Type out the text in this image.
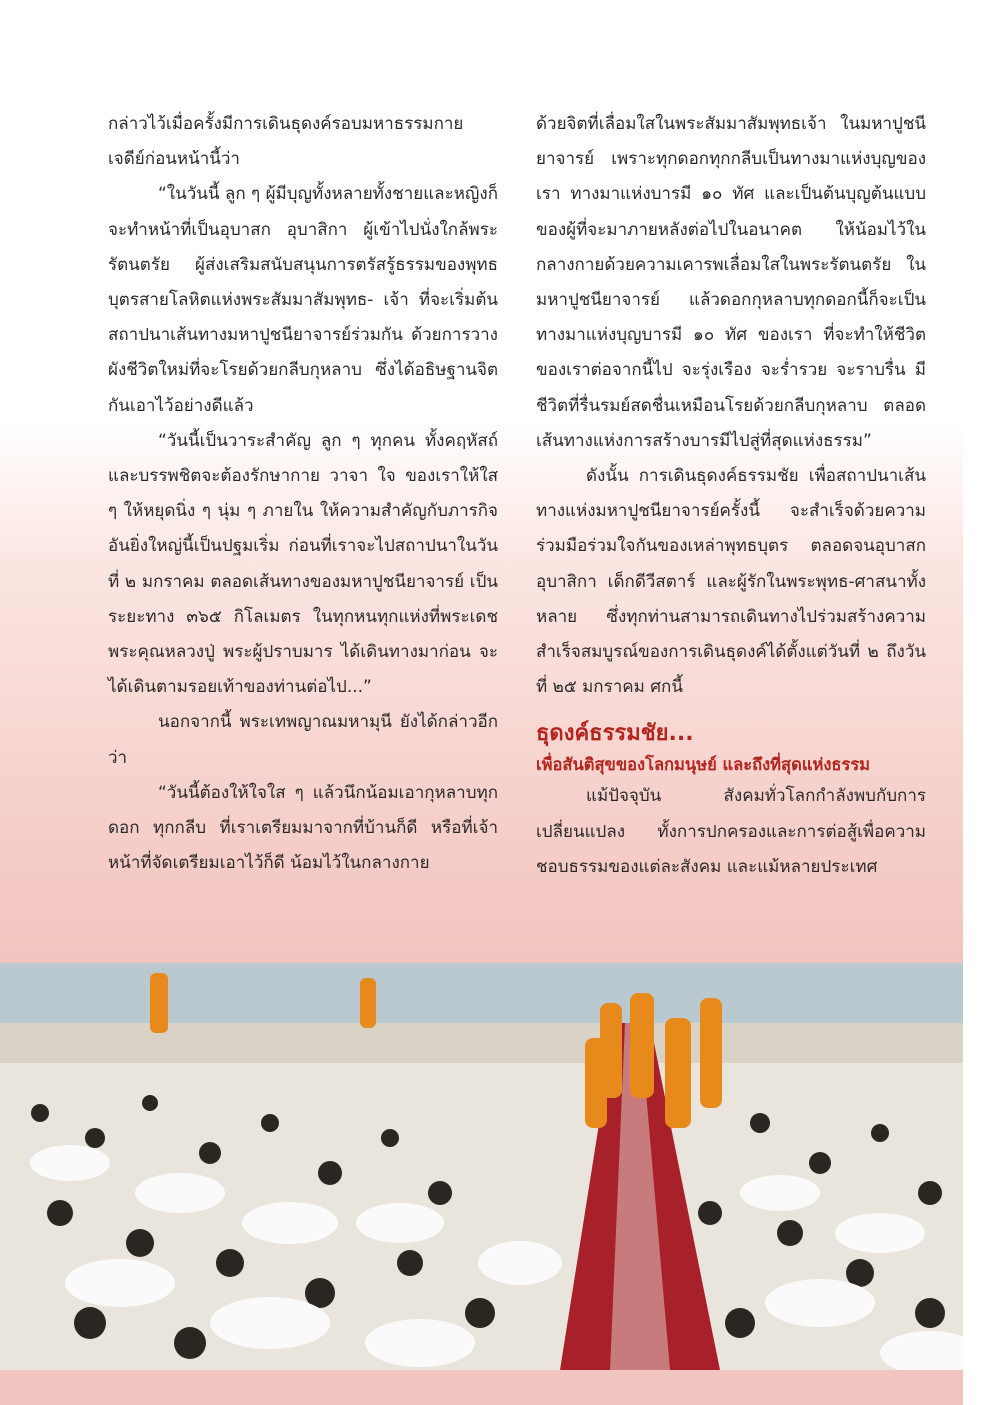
กล่าวไว้เมื่อครั้งมีการเดินธุดงค์รอบมหาธรรมกายเจดีย์ก่อนหน้านี้ว่า

“ในวันนี้ ลูก ๆ ผู้มีบุญทั้งหลายทั้งชายและหญิงก็จะทำหน้าที่เป็นอุบาสก อุบาสิกา ผู้เข้าไปนั่งใกล้พระรัตนตรัย ผู้ส่งเสริมสนับสนุนการตรัสรู้ธรรมของพุทธบุตรสายโลหิตแห่งพระสัมมาสัมพุทธ- เจ้า ที่จะเริ่มต้นสถาปนาเส้นทางมหาปูชนียาจารย์ร่วมกัน ด้วยการวางผังชีวิตใหม่ที่จะโรยด้วยกลีบกุหลาบ ซึ่งได้อธิษฐานจิตกันเอาไว้อย่างดีแล้ว

“วันนี้เป็นวาระสำคัญ ลูก ๆ ทุกคน ทั้งคฤหัสถ์และบรรพชิตจะต้องรักษากาย วาจา ใจ ของเราให้ใส ๆ ให้หยุดนิ่ง ๆ นุ่ม ๆ ภายใน ให้ความสำคัญกับภารกิจอันยิ่งใหญ่นี้เป็นปฐมเริ่ม ก่อนที่เราจะไปสถาปนาในวันที่ ๒ มกราคม ตลอดเส้นทางของมหาปูชนียาจารย์ เป็นระยะทาง ๓๖๕ กิโลเมตร ในทุกหนทุกแห่งที่พระเดชพระคุณหลวงปู่ พระผู้ปราบมาร ได้เดินทางมาก่อน จะได้เดินตามรอยเท้าของท่านต่อไป...”

นอกจากนี้ พระเทพญาณมหามุนี ยังได้กล่าวอีกว่า

“วันนี้ต้องให้ใจใส ๆ แล้วนึกน้อมเอากุหลาบทุกดอก ทุกกลีบ ที่เราเตรียมมาจากที่บ้านก็ดี หรือที่เจ้าหน้าที่จัดเตรียมเอาไว้ก็ดี น้อมไว้ในกลางกาย

ด้วยจิตที่เลื่อมใสในพระสัมมาสัมพุทธเจ้า ในมหาปูชนียาจารย์ เพราะทุกดอกทุกกลีบเป็นทางมาแห่งบุญของเรา ทางมาแห่งบารมี ๑๐ ทัศ และเป็นต้นบุญต้นแบบของผู้ที่จะมาภายหลังต่อไปในอนาคต ให้น้อมไว้ในกลางกายด้วยความเคารพเลื่อมใสในพระรัตนตรัย ในมหาปูชนียาจารย์ แล้วดอกกุหลาบทุกดอกนี้ก็จะเป็นทางมาแห่งบุญบารมี ๑๐ ทัศ ของเรา ที่จะทำให้ชีวิตของเราต่อจากนี้ไป จะรุ่งเรือง จะร่ำรวย จะราบรื่น มีชีวิตที่รื่นรมย์สดชื่นเหมือนโรยด้วยกลีบกุหลาบ ตลอดเส้นทางแห่งการสร้างบารมีไปสู่ที่สุดแห่งธรรม”

ดังนั้น การเดินธุดงค์ธรรมชัย เพื่อสถาปนาเส้นทางแห่งมหาปูชนียาจารย์ครั้งนี้ จะสำเร็จด้วยความร่วมมือร่วมใจกันของเหล่าพุทธบุตร ตลอดจนอุบาสก อุบาสิกา เด็กดีวีสตาร์ และผู้รักในพระพุทธ-ศาสนาทั้งหลาย ซึ่งทุกท่านสามารถเดินทางไปร่วมสร้างความสำเร็จสมบูรณ์ของการเดินธุดงค์ได้ตั้งแต่วันที่ ๒ ถึงวันที่ ๒๕ มกราคม ศกนี้

ธุดงค์ธรรมชัย...
เพื่อสันติสุขของโลกมนุษย์ และถึงที่สุดแห่งธรรม

แม้ปัจจุบัน สังคมทั่วโลกกำลังพบกับการเปลี่ยนแปลง ทั้งการปกครองและการต่อสู้เพื่อความชอบธรรมของแต่ละสังคม และแม้หลายประเทศ
